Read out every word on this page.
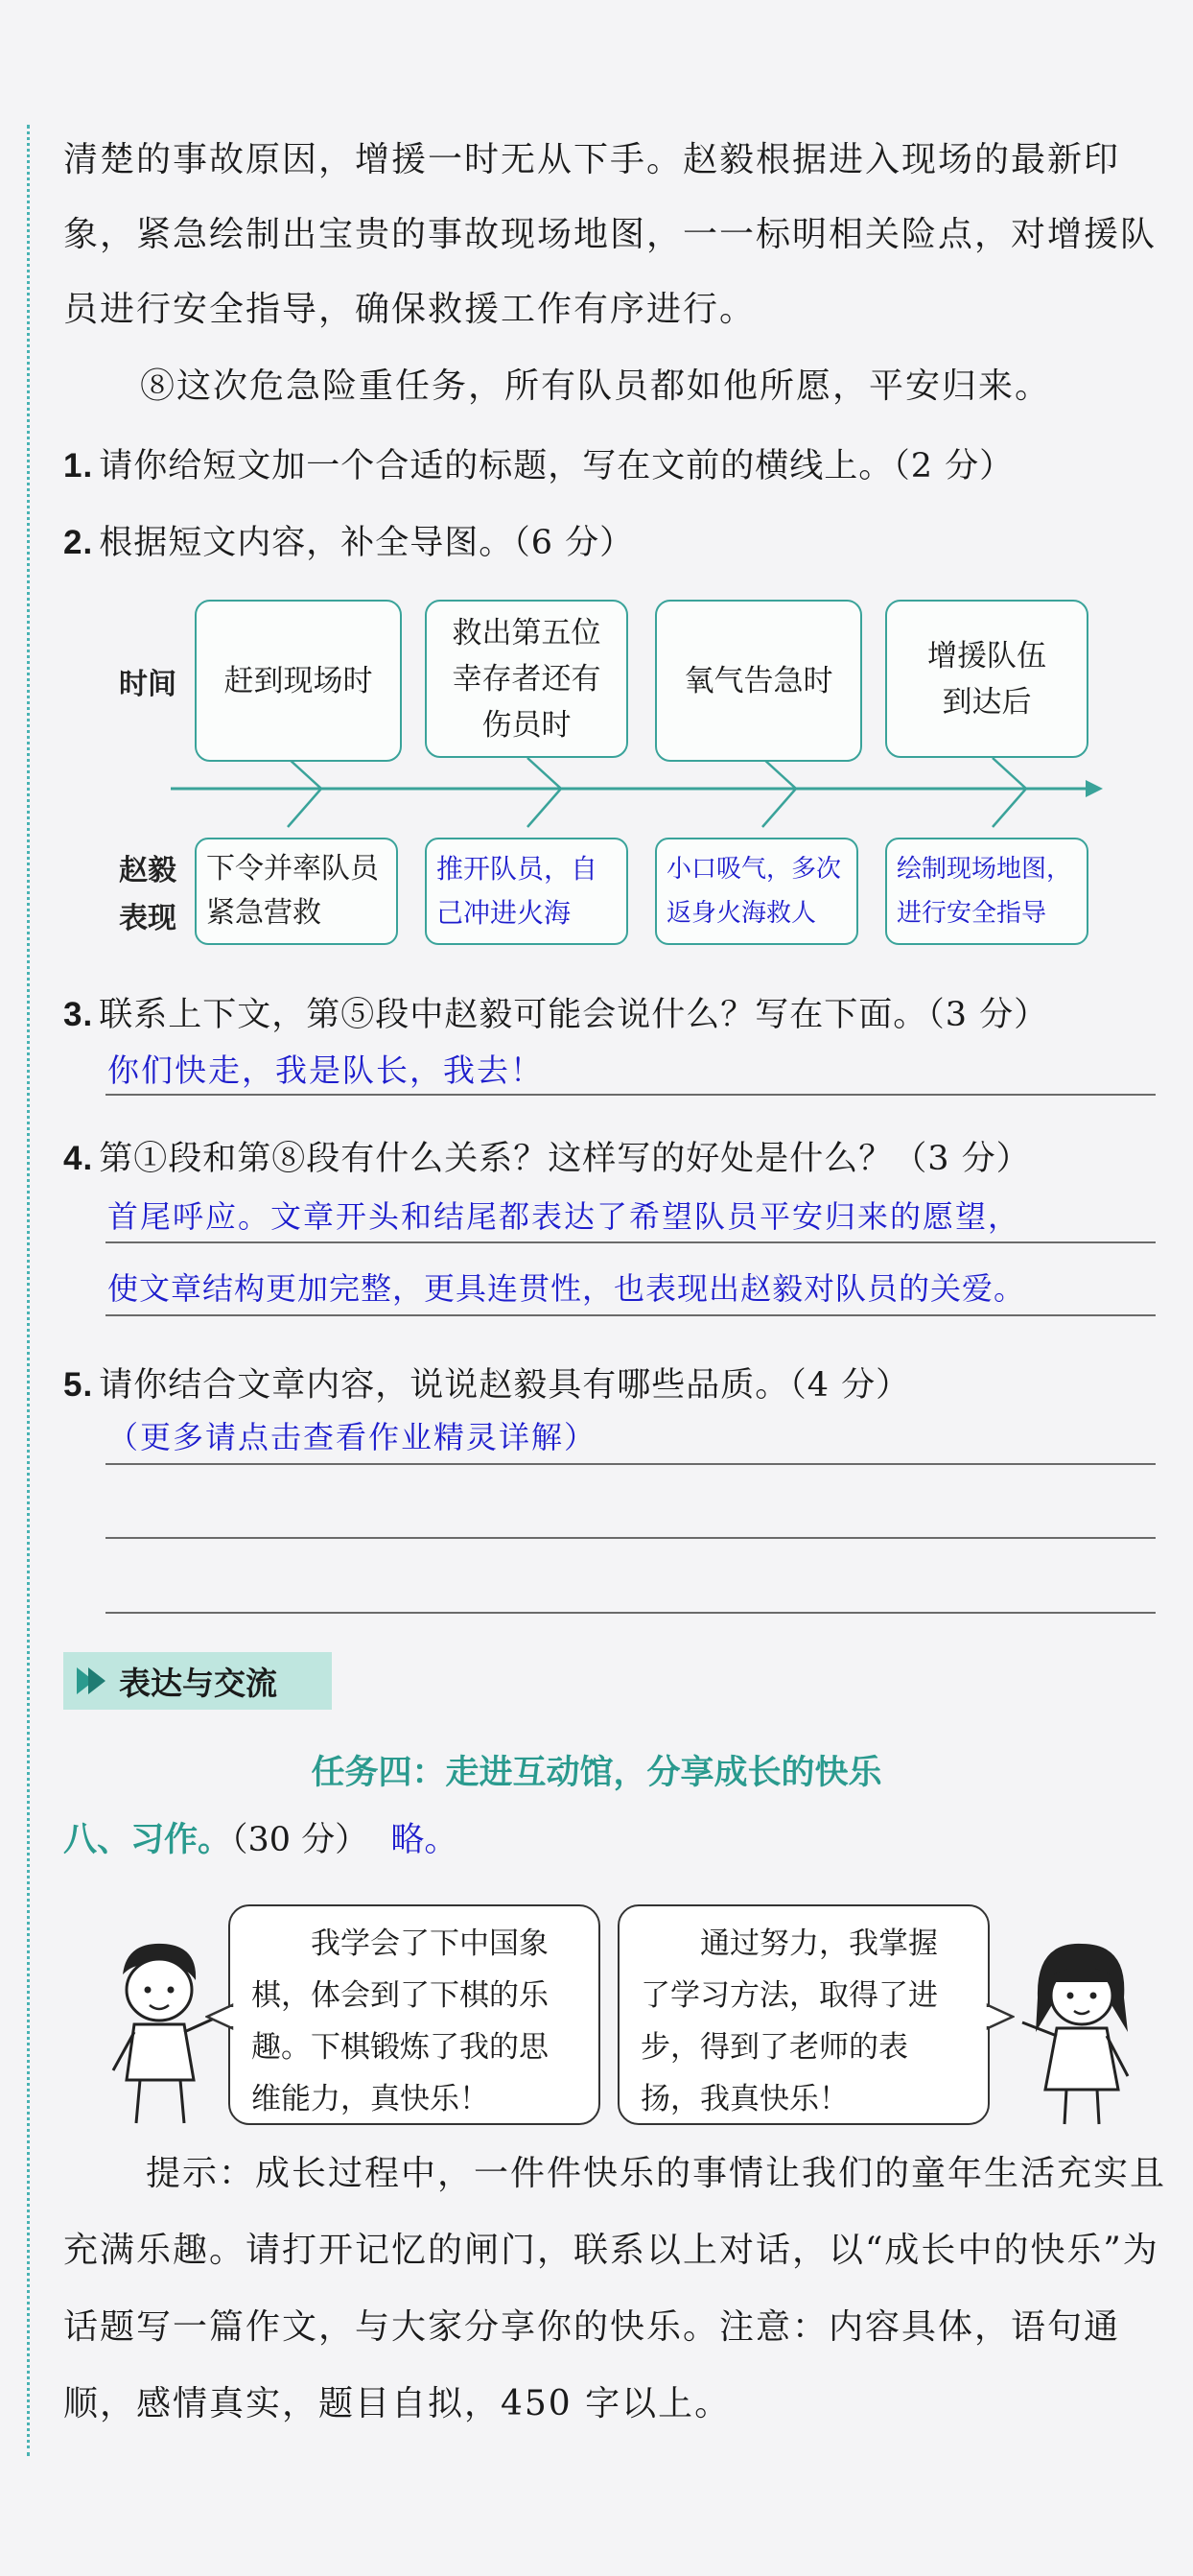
清楚的事故原因，增援一时无从下手。赵毅根据进入现场的最新印象，紧急绘制出宝贵的事故现场地图，一一标明相关险点，对增援队员进行安全指导，确保救援工作有序进行。
⑧这次危急险重任务，所有队员都如他所愿，平安归来。
1. 请你给短文加一个合适的标题，写在文前的横线上。（2 分）
2. 根据短文内容，补全导图。（6 分）
时间
赵毅
表现
赶到现场时
救出第五位幸存者还有伤员时
氧气告急时
增援队伍到达后
下令并率队员紧急营救
推开队员，自己冲进火海
小口吸气，多次返身火海救人
绘制现场地图，进行安全指导
3. 联系上下文，第⑤段中赵毅可能会说什么？写在下面。（3 分）
你们快走，我是队长，我去！
4. 第①段和第⑧段有什么关系？这样写的好处是什么？（3 分）
首尾呼应。文章开头和结尾都表达了希望队员平安归来的愿望，
使文章结构更加完整，更具连贯性，也表现出赵毅对队员的关爱。
5. 请你结合文章内容，说说赵毅具有哪些品质。（4 分）
（更多请点击查看作业精灵详解）
表达与交流
任务四：走进互动馆，分享成长的快乐
八、习作。（30 分） 略。
我学会了下中国象棋，体会到了下棋的乐趣。下棋锻炼了我的思维能力，真快乐！
通过努力，我掌握了学习方法，取得了进步，得到了老师的表扬，我真快乐！
提示：成长过程中，一件件快乐的事情让我们的童年生活充实且充满乐趣。请打开记忆的闸门，联系以上对话，以“成长中的快乐”为话题写一篇作文，与大家分享你的快乐。注意：内容具体，语句通顺，感情真实，题目自拟，450 字以上。
